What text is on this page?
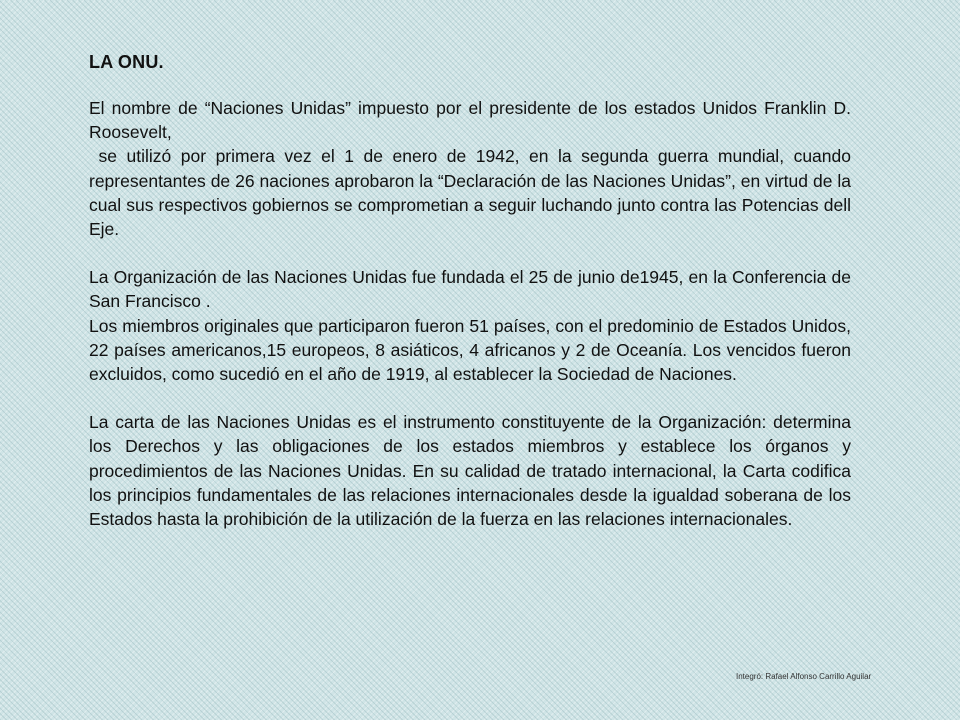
LA ONU.

El nombre de “Naciones Unidas” impuesto por el presidente de los estados Unidos Franklin D. Roosevelt,

se utilizó por primera vez el 1 de enero de 1942, en la segunda guerra mundial, cuando representantes de 26 naciones aprobaron la “Declaración de las Naciones Unidas”, en virtud de la cual sus respectivos gobiernos se comprometian a seguir luchando junto contra las Potencias dell Eje.

La Organización de las Naciones Unidas fue fundada el 25 de junio de1945, en la Conferencia de  San Francisco .

Los miembros originales que participaron fueron 51 países, con el predominio de Estados Unidos, 22 países americanos,15 europeos, 8 asiáticos, 4 africanos y 2 de Oceanía. Los vencidos fueron excluidos, como sucedió en el año de 1919, al establecer la Sociedad de Naciones.

La carta de las Naciones Unidas es el instrumento constituyente de la Organización: determina los Derechos y las obligaciones de los estados miembros y establece los órganos y procedimientos de las Naciones Unidas. En su calidad de tratado internacional, la Carta codifica los principios fundamentales de las relaciones internacionales desde la igualdad soberana de los Estados hasta la prohibición de la utilización de la fuerza en las relaciones internacionales.

Integró: Rafael Alfonso Carrillo Aguilar
